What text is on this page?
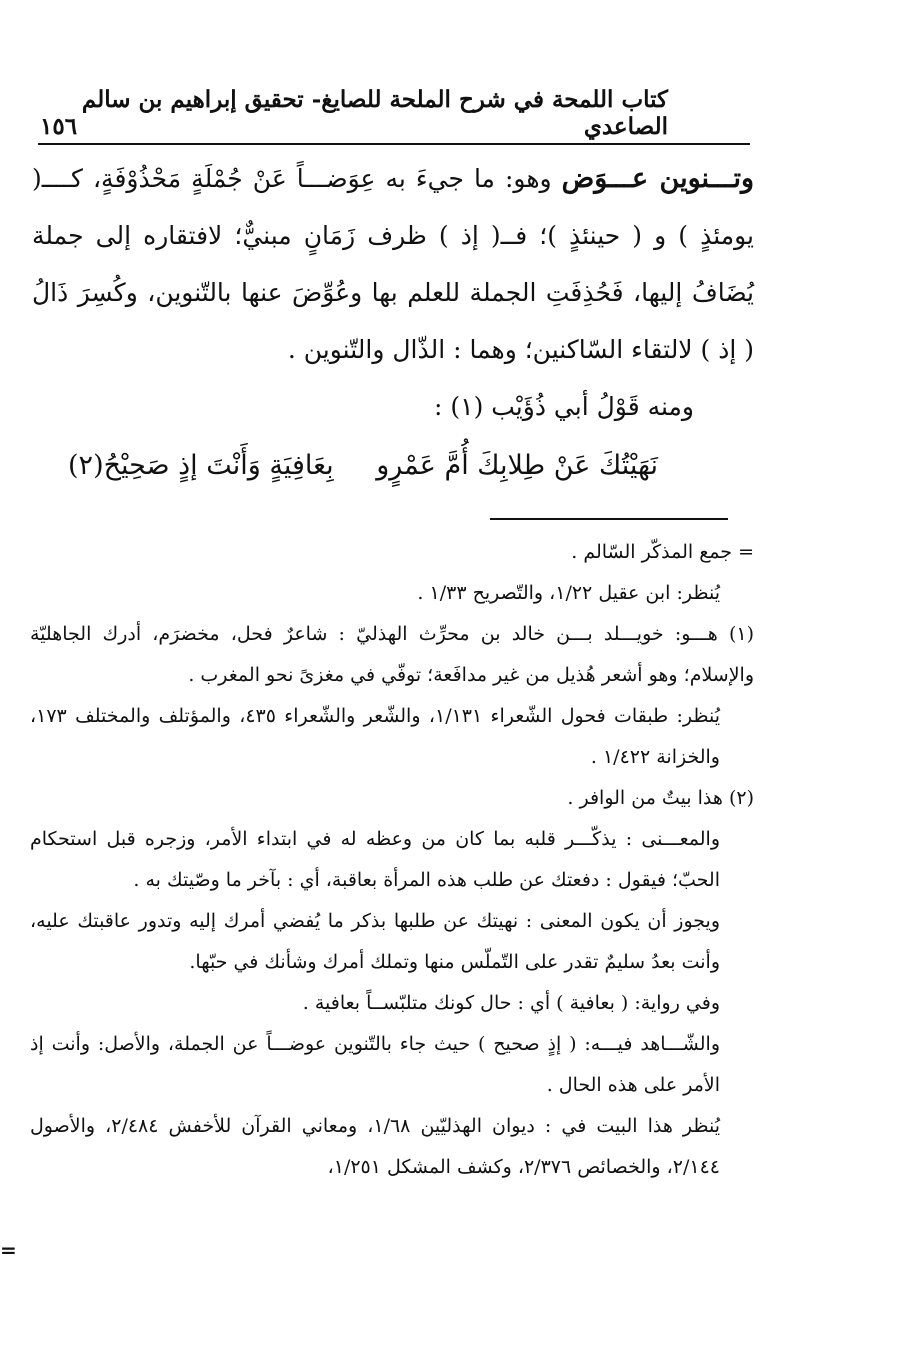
كتاب اللمحة في شرح الملحة للصايغ- تحقيق إبراهيم بن سالم الصاعدي
١٥٦

وتـــنوين عـــوَض وهو: ما جيءَ به عِوَضـــاً عَنْ جُمْلَةٍ مَحْذُوْفَةٍ، كــــ( يومئذٍ ) و ( حينئذٍ )؛ فــ( إذ ) ظرف زَمَانٍ مبنيٌّ؛ لافتقاره إلى جملة يُضَافُ إليها، فَحُذِفَتِ الجملة للعلم بها وعُوِّضَ عنها بالتّنوين، وكُسِرَ ذَالُ ( إذ ) لالتقاء السّاكنين؛ وهما : الذّال والتّنوين .

ومنه قَوْلُ أبي ذُؤَيْب (١) :

نَهَيْتُكَ عَنْ طِلابِكَ أُمَّ عَمْرٍو
بِعَافِيَةٍ وَأَنْتَ إذٍ صَحِيْحُ(٢)

= جمع المذكّر السّالم .

يُنظر: ابن عقيل ١/٢٢، والتّصريح ١/٣٣ .

(١) هـــو: خويـــلد بـــن خالد بن محرِّث الهذليّ : شاعرٌ فحل، مخضرَم، أدرك الجاهليّة والإسلام؛ وهو أشعر هُذيل من غير مدافَعة؛ توفّي في مغزىً نحو المغرب .

يُنظر: طبقات فحول الشّعراء ١/١٣١، والشّعر والشّعراء ٤٣٥، والمؤتلف والمختلف ١٧٣، والخزانة ١/٤٢٢ .

(٢) هذا بيتٌ من الوافر .

والمعـــنى : يذكّـــر قلبه بما كان من وعظه له في ابتداء الأمر، وزجره قبل استحكام الحبّ؛ فيقول : دفعتك عن طلب هذه المرأة بعاقبة، أي : بآخر ما وصّيتك به .

ويجوز أن يكون المعنى : نهيتك عن طلبها بذكر ما يُفضي أمرك إليه وتدور عاقبتك عليه، وأنت بعدُ سليمٌ تقدر على التّملّس منها وتملك أمرك وشأنك في حبّها.

وفي رواية: ( بعافية ) أي : حال كونك متلبّســاً بعافية .

والشّـــاهد فيـــه: ( إذٍ صحيح ) حيث جاء بالتّنوين عوضـــاً عن الجملة، والأصل: وأنت إذ الأمر على هذه الحال .

يُنظر هذا البيت في : ديوان الهذليّين ١/٦٨، ومعاني القرآن للأخفش ٢/٤٨٤، والأصول ٢/١٤٤، والخصائص ٢/٣٧٦، وكشف المشكل ١/٢٥١،

=
